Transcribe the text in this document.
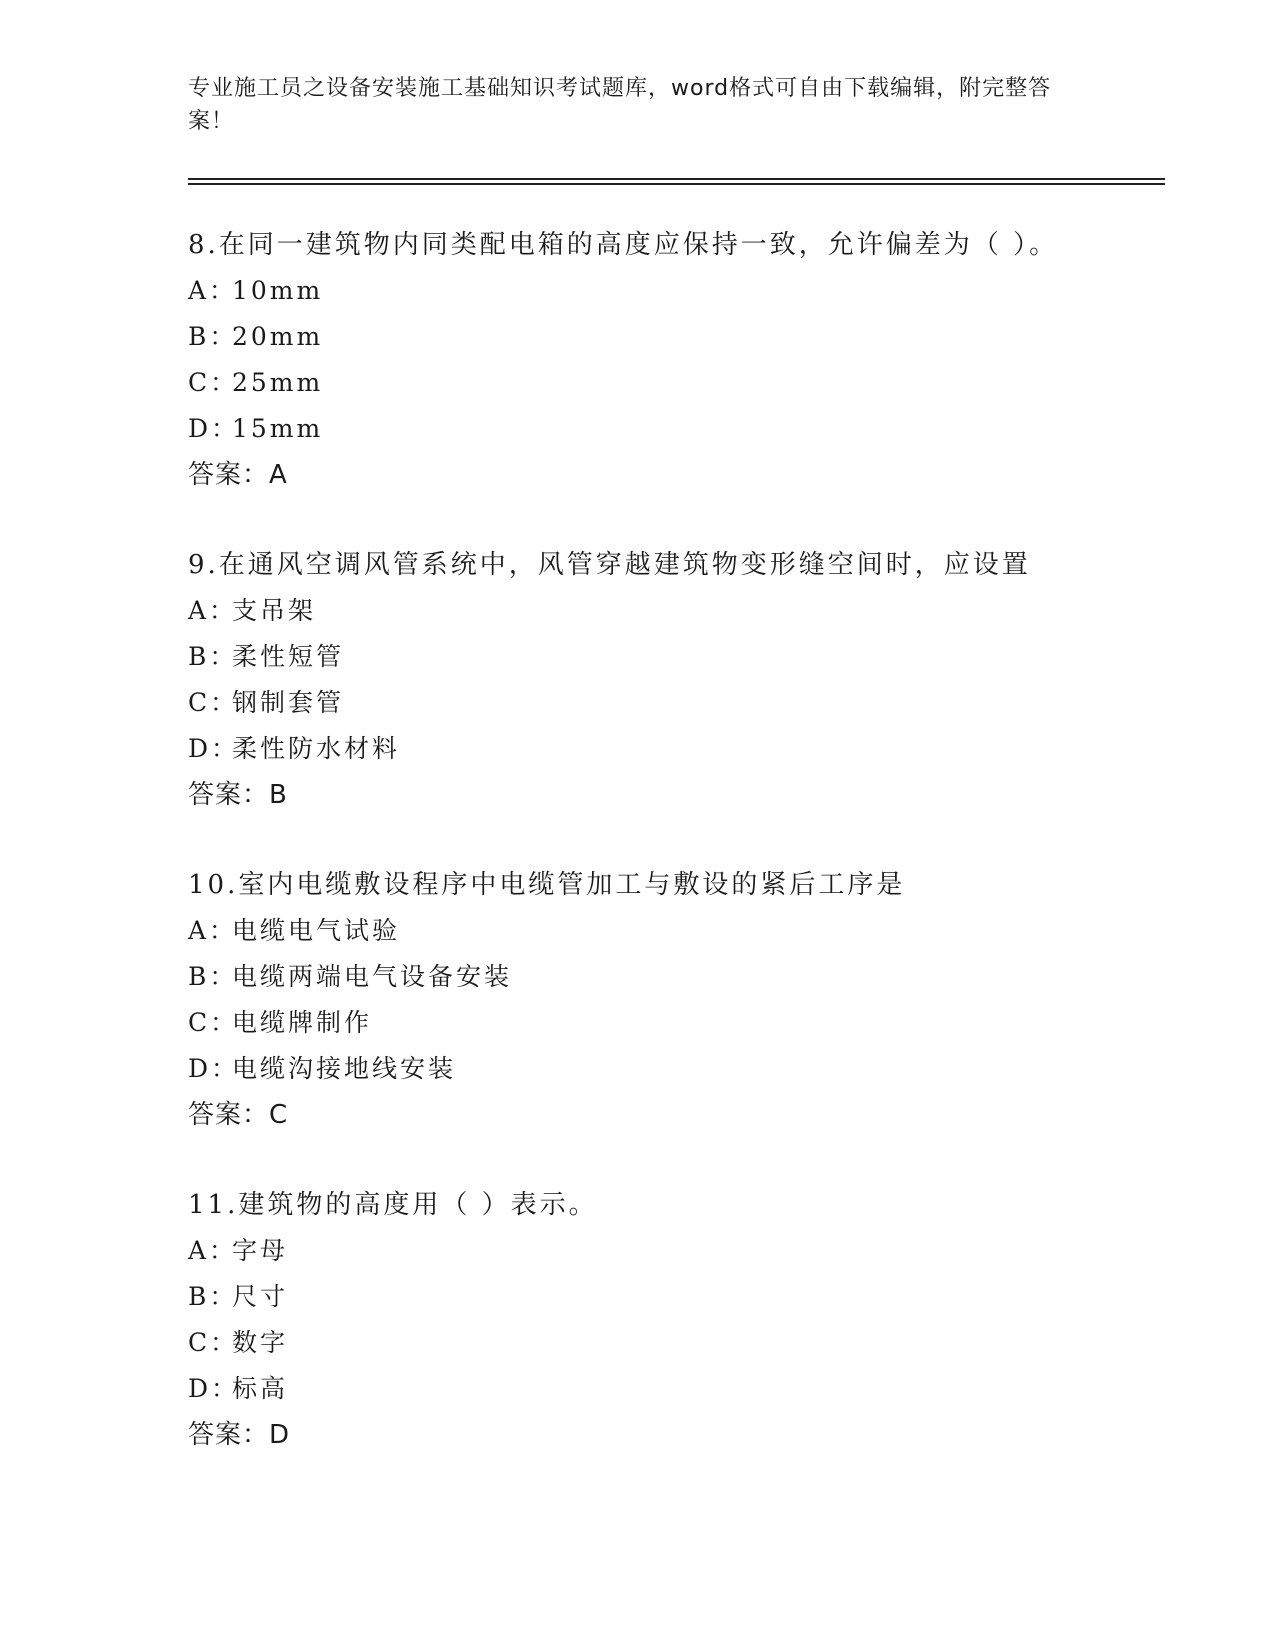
专业施工员之设备安装施工基础知识考试题库，word格式可自由下载编辑，附完整答案！
8.在同一建筑物内同类配电箱的高度应保持一致，允许偏差为（ ）。
A：10mm
B：20mm
C：25mm
D：15mm
答案：A
9.在通风空调风管系统中，风管穿越建筑物变形缝空间时，应设置
A：支吊架
B：柔性短管
C：钢制套管
D：柔性防水材料
答案：B
10.室内电缆敷设程序中电缆管加工与敷设的紧后工序是
A：电缆电气试验
B：电缆两端电气设备安装
C：电缆牌制作
D：电缆沟接地线安装
答案：C
11.建筑物的高度用（ ）表示。
A：字母
B：尺寸
C：数字
D：标高
答案：D
